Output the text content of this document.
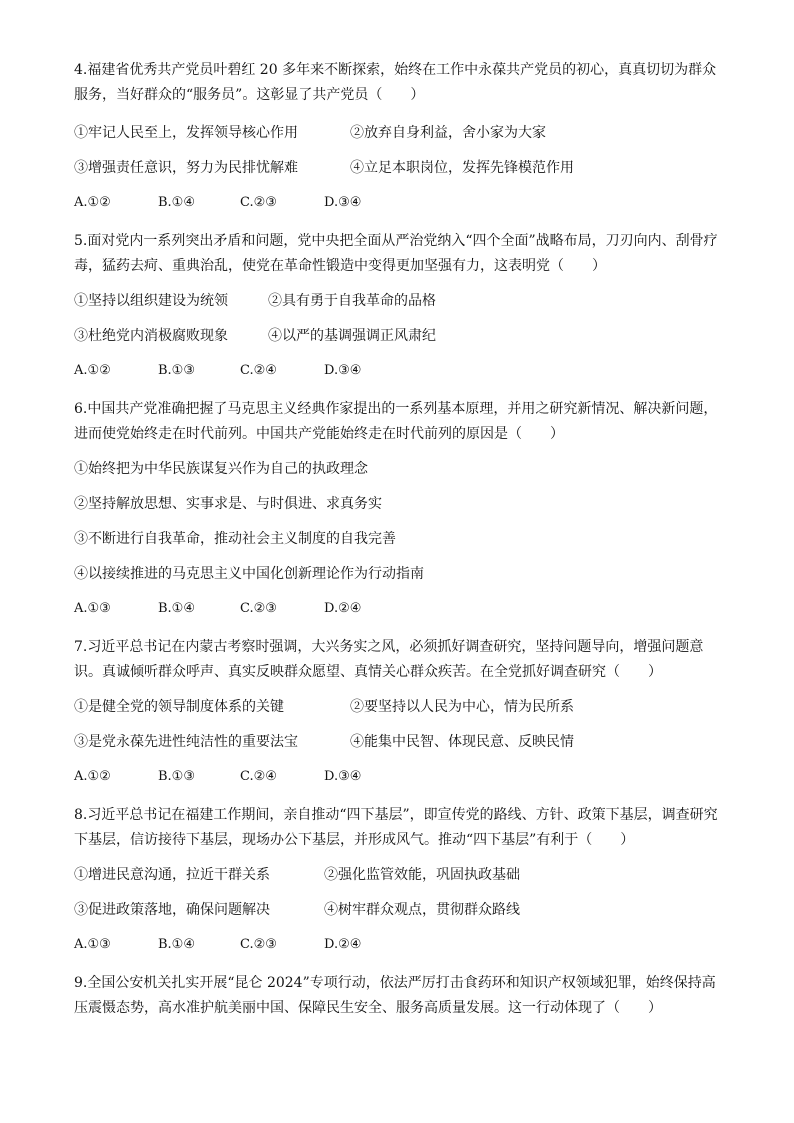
4.福建省优秀共产党员叶碧红 20 多年来不断探索，始终在工作中永葆共产党员的初心，真真切切为群众服务，当好群众的“服务员”。这彰显了共产党员（　　）

①牢记人民至上，发挥领导核心作用	②放弃自身利益，舍小家为大家
③增强责任意识，努力为民排忧解难	④立足本职岗位，发挥先锋模范作用
A.①②	B.①④	C.②③	D.③④

5.面对党内一系列突出矛盾和问题，党中央把全面从严治党纳入“四个全面”战略布局，刀刃向内、刮骨疗毒，猛药去疴、重典治乱，使党在革命性锻造中变得更加坚强有力，这表明党（　　）

①坚持以组织建设为统领	②具有勇于自我革命的品格
③杜绝党内消极腐败现象	④以严的基调强调正风肃纪
A.①②	B.①③	C.②④	D.③④

6.中国共产党准确把握了马克思主义经典作家提出的一系列基本原理，并用之研究新情况、解决新问题，进而使党始终走在时代前列。中国共产党能始终走在时代前列的原因是（　　）

①始终把为中华民族谋复兴作为自己的执政理念
②坚持解放思想、实事求是、与时俱进、求真务实
③不断进行自我革命，推动社会主义制度的自我完善
④以接续推进的马克思主义中国化创新理论作为行动指南
A.①③	B.①④	C.②③	D.②④

7.习近平总书记在内蒙古考察时强调，大兴务实之风，必须抓好调查研究，坚持问题导向，增强问题意识。真诚倾听群众呼声、真实反映群众愿望、真情关心群众疾苦。在全党抓好调查研究（　　）

①是健全党的领导制度体系的关键	②要坚持以人民为中心，情为民所系
③是党永葆先进性纯洁性的重要法宝	④能集中民智、体现民意、反映民情
A.①②	B.①③	C.②④	D.③④

8.习近平总书记在福建工作期间，亲自推动“四下基层”，即宣传党的路线、方针、政策下基层，调查研究下基层，信访接待下基层，现场办公下基层，并形成风气。推动“四下基层”有利于（　　）

①增进民意沟通，拉近干群关系	②强化监管效能，巩固执政基础
③促进政策落地，确保问题解决	④树牢群众观点，贯彻群众路线
A.①③	B.①④	C.②③	D.②④

9.全国公安机关扎实开展“昆仑 2024”专项行动，依法严厉打击食药环和知识产权领域犯罪，始终保持高压震慑态势，高水准护航美丽中国、保障民生安全、服务高质量发展。这一行动体现了（　　）
